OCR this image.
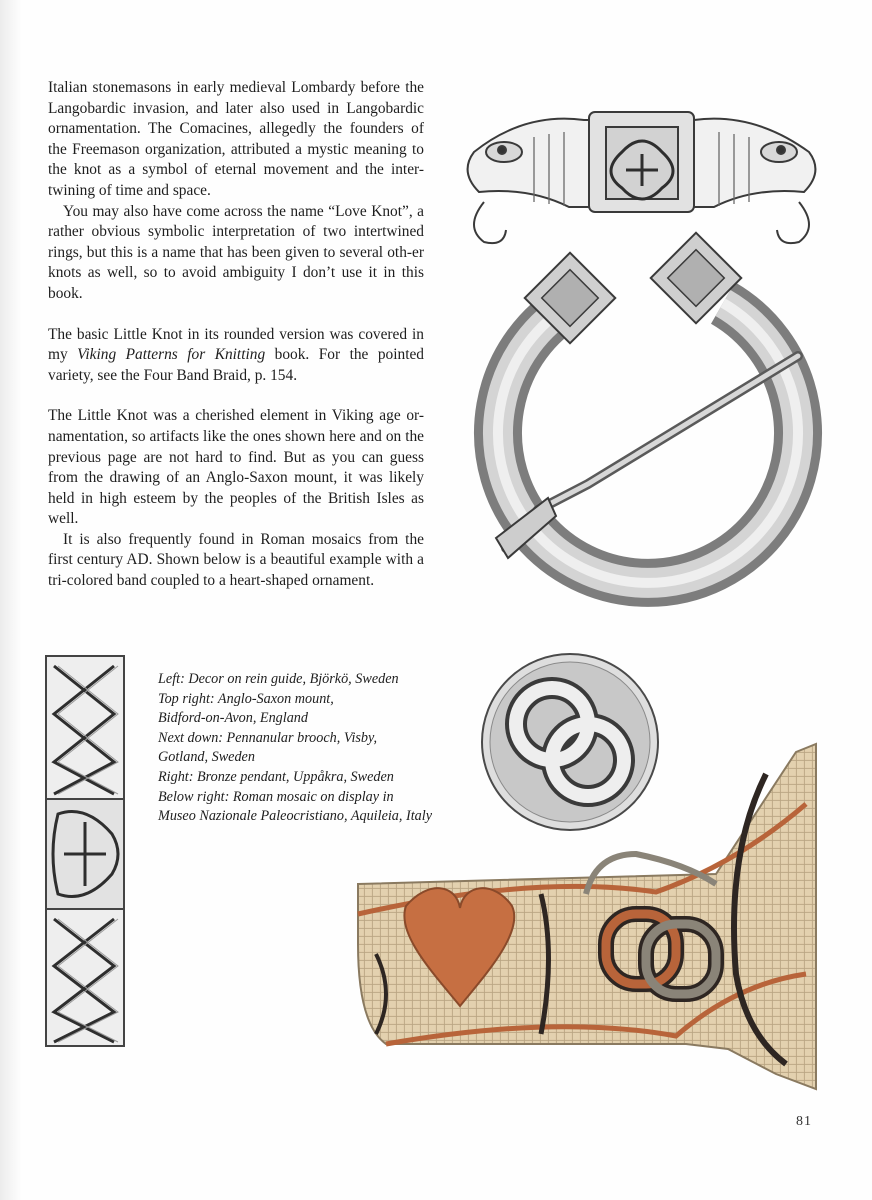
Italian stonemasons in early medieval Lombardy before the Langobardic invasion, and later also used in Langobardic ornamentation. The Comacines, allegedly the founders of the Freemason organization, attributed a mystic meaning to the knot as a symbol of eternal movement and the inter-twining of time and space.

You may also have come across the name “Love Knot”, a rather obvious symbolic interpretation of two intertwined rings, but this is a name that has been given to several oth-er knots as well, so to avoid ambiguity I don’t use it in this book.

The basic Little Knot in its rounded version was covered in my Viking Patterns for Knitting book. For the pointed variety, see the Four Band Braid, p. 154.

The Little Knot was a cherished element in Viking age or-namentation, so artifacts like the ones shown here and on the previous page are not hard to find. But as you can guess from the drawing of an Anglo-Saxon mount, it was likely held in high esteem by the peoples of the British Isles as well.

It is also frequently found in Roman mosaics from the first century AD. Shown below is a beautiful example with a tri-colored band coupled to a heart-shaped ornament.

Left: Decor on rein guide, Björkö, Sweden
Top right: Anglo-Saxon mount,
Bidford-on-Avon, England
Next down: Pennanular brooch, Visby,
Gotland, Sweden
Right: Bronze pendant, Uppåkra, Sweden
Below right: Roman mosaic on display in
Museo Nazionale Paleocristiano, Aquileia, Italy
81
